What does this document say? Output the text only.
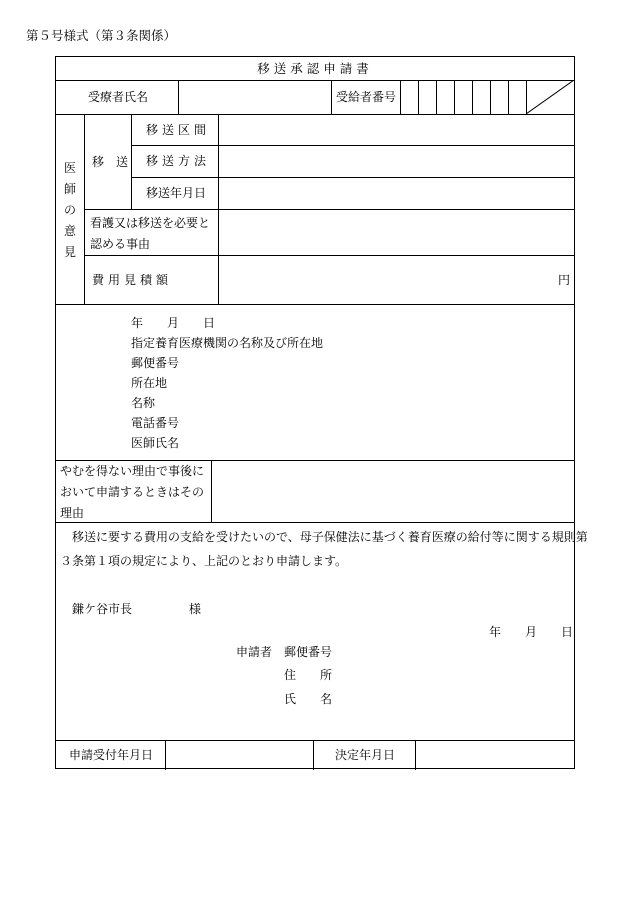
第５号様式（第３条関係）
移送承認申請書
受療者氏名	受給者番号
医
師
の
意
見
移　送
移送区間
移送方法
移送年月日
看護又は移送を必要と
認める事由
費用見積額	円
年　　月　　日
指定養育医療機関の名称及び所在地
郵便番号
所在地
名称
電話番号
医師氏名
やむを得ない理由で事後に
おいて申請するときはその
理由
　移送に要する費用の支給を受けたいので、母子保健法に基づく養育医療の給付等に関する規則第
３条第１項の規定により、上記のとおり申請します。
鎌ケ谷市長	様
年　　月　　日
申請者 郵便番号
住　　所
氏　　名
申請受付年月日	決定年月日
